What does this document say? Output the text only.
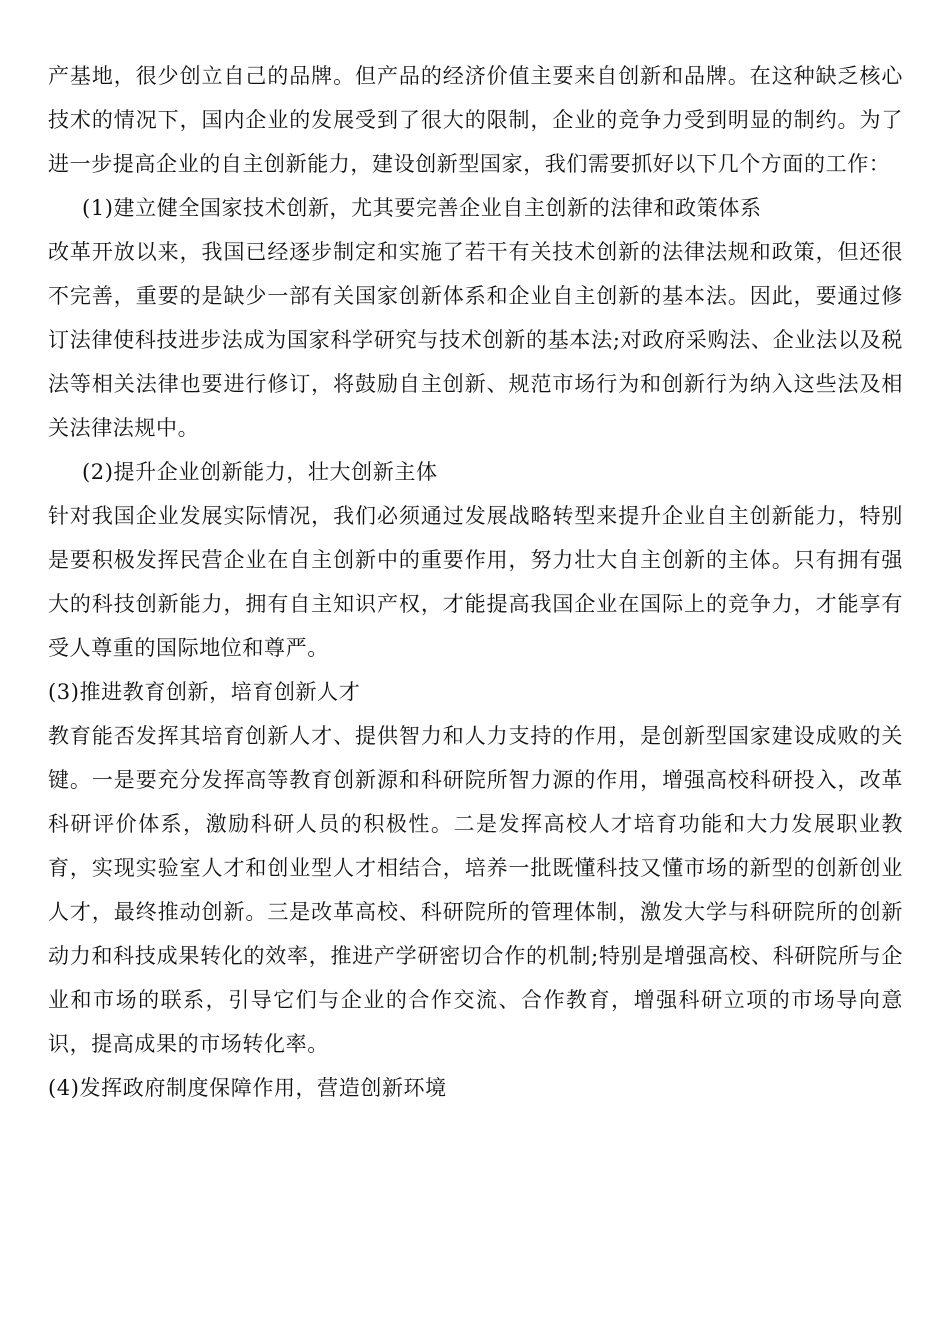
产基地，很少创立自己的品牌。但产品的经济价值主要来自创新和品牌。在这种缺乏核心技术的情况下，国内企业的发展受到了很大的限制，企业的竞争力受到明显的制约。为了进一步提高企业的自主创新能力，建设创新型国家，我们需要抓好以下几个方面的工作：

(1)建立健全国家技术创新，尤其要完善企业自主创新的法律和政策体系

改革开放以来，我国已经逐步制定和实施了若干有关技术创新的法律法规和政策，但还很不完善，重要的是缺少一部有关国家创新体系和企业自主创新的基本法。因此，要通过修订法律使科技进步法成为国家科学研究与技术创新的基本法;对政府采购法、企业法以及税法等相关法律也要进行修订，将鼓励自主创新、规范市场行为和创新行为纳入这些法及相关法律法规中。

(2)提升企业创新能力，壮大创新主体

针对我国企业发展实际情况，我们必须通过发展战略转型来提升企业自主创新能力，特别是要积极发挥民营企业在自主创新中的重要作用，努力壮大自主创新的主体。只有拥有强大的科技创新能力，拥有自主知识产权，才能提高我国企业在国际上的竞争力，才能享有受人尊重的国际地位和尊严。

(3)推进教育创新，培育创新人才

教育能否发挥其培育创新人才、提供智力和人力支持的作用，是创新型国家建设成败的关键。一是要充分发挥高等教育创新源和科研院所智力源的作用，增强高校科研投入，改革科研评价体系，激励科研人员的积极性。二是发挥高校人才培育功能和大力发展职业教育，实现实验室人才和创业型人才相结合，培养一批既懂科技又懂市场的新型的创新创业人才，最终推动创新。三是改革高校、科研院所的管理体制，激发大学与科研院所的创新动力和科技成果转化的效率，推进产学研密切合作的机制;特别是增强高校、科研院所与企业和市场的联系，引导它们与企业的合作交流、合作教育，增强科研立项的市场导向意识，提高成果的市场转化率。

(4)发挥政府制度保障作用，营造创新环境
